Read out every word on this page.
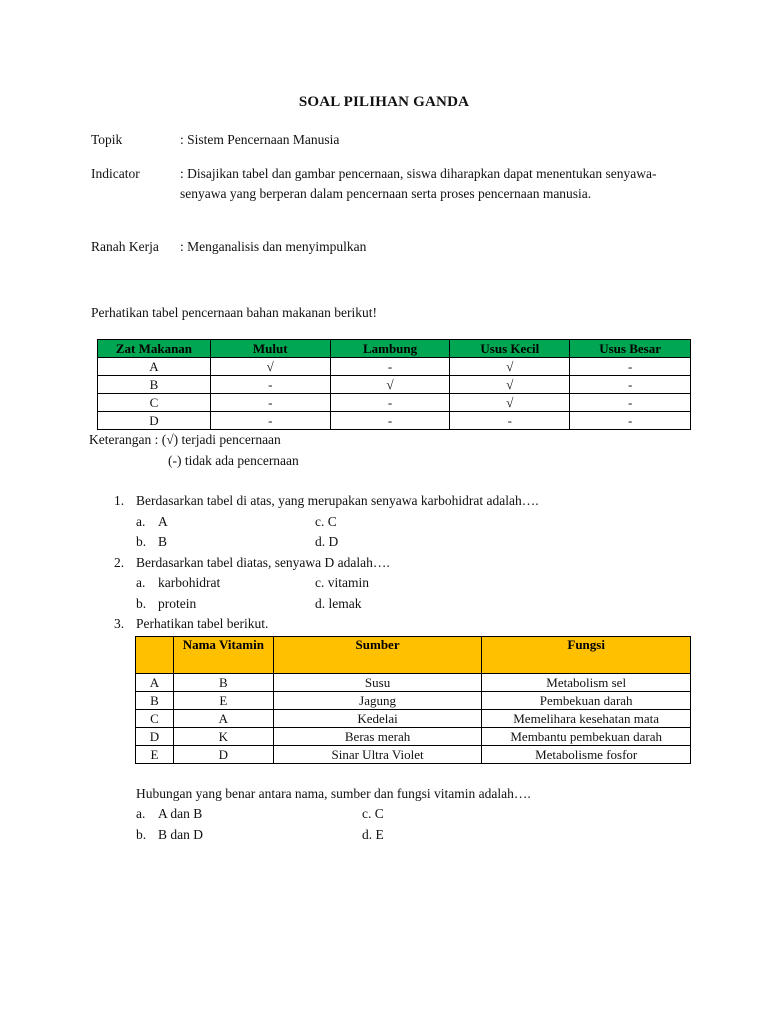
SOAL PILIHAN GANDA
Topik	: Sistem Pencernaan Manusia
Indicator	: Disajikan tabel dan gambar pencernaan, siswa diharapkan dapat menentukan senyawa-senyawa yang berperan dalam pencernaan serta proses pencernaan manusia.
Ranah Kerja : Menganalisis dan menyimpulkan
Perhatikan tabel pencernaan bahan makanan berikut!
Zat Makanan	Mulut	Lambung	Usus Kecil	Usus Besar
A	√	-	√	-
B	-	√	√	-
C	-	-	√	-
D	-	-	-	-
Keterangan : (√) terjadi pencernaan
(-) tidak ada pencernaan
1. Berdasarkan tabel di atas, yang merupakan senyawa karbohidrat adalah….
a. A	c. C
b. B	d. D
2. Berdasarkan tabel diatas, senyawa D adalah….
a. karbohidrat	c. vitamin
b. protein	d. lemak
3. Perhatikan tabel berikut.
	Nama Vitamin	Sumber	Fungsi
A	B	Susu	Metabolism sel
B	E	Jagung	Pembekuan darah
C	A	Kedelai	Memelihara kesehatan mata
D	K	Beras merah	Membantu pembekuan darah
E	D	Sinar Ultra Violet	Metabolisme fosfor
Hubungan yang benar antara nama, sumber dan fungsi vitamin adalah….
a. A dan B	c. C
b. B dan D	d. E
